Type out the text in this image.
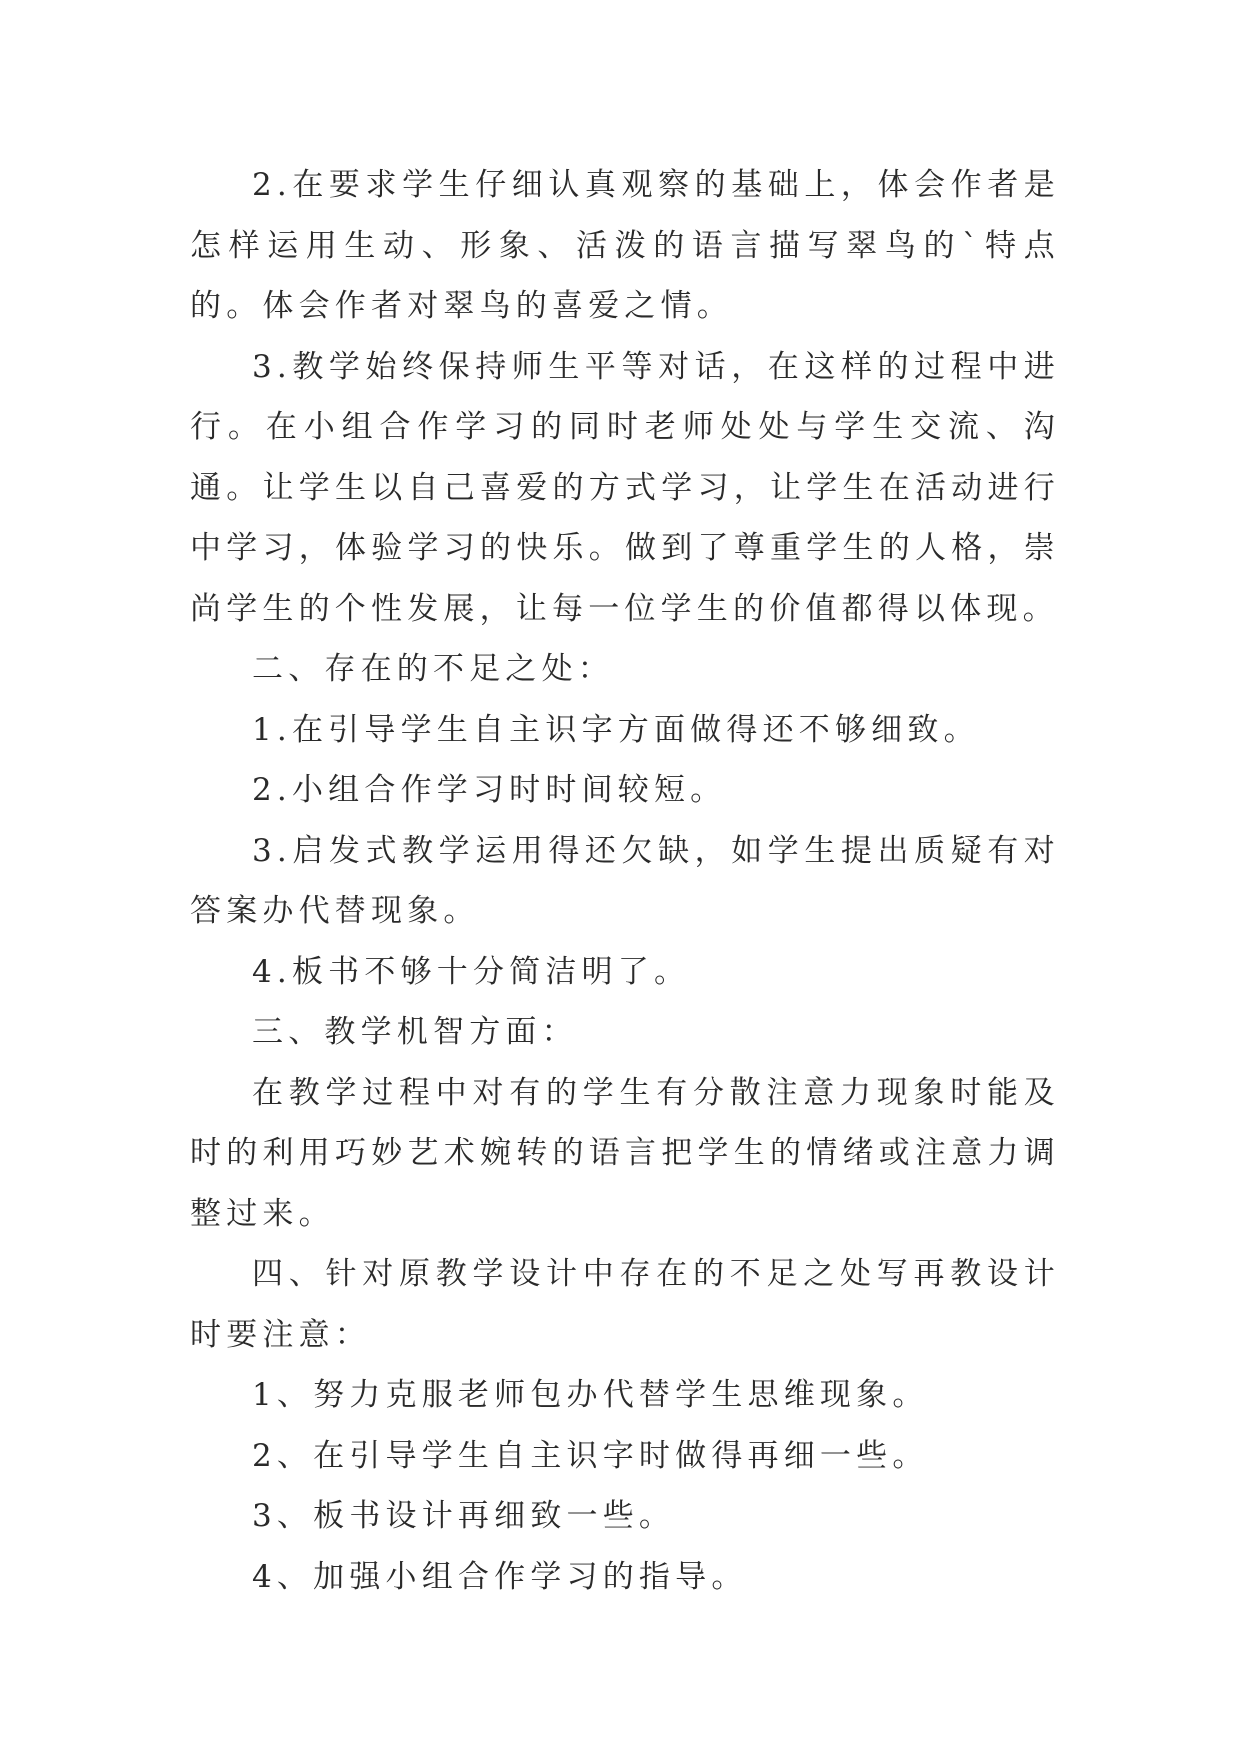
2.在要求学生仔细认真观察的基础上，体会作者是怎样运用生动、形象、活泼的语言描写翠鸟的`特点的。体会作者对翠鸟的喜爱之情。

3.教学始终保持师生平等对话，在这样的过程中进行。在小组合作学习的同时老师处处与学生交流、沟通。让学生以自己喜爱的方式学习，让学生在活动进行中学习，体验学习的快乐。做到了尊重学生的人格，崇尚学生的个性发展，让每一位学生的价值都得以体现。

二、存在的不足之处：

1.在引导学生自主识字方面做得还不够细致。

2.小组合作学习时时间较短。

3.启发式教学运用得还欠缺，如学生提出质疑有对答案办代替现象。

4.板书不够十分简洁明了。

三、教学机智方面：

在教学过程中对有的学生有分散注意力现象时能及时的利用巧妙艺术婉转的语言把学生的情绪或注意力调整过来。

四、针对原教学设计中存在的不足之处写再教设计时要注意：

1、努力克服老师包办代替学生思维现象。

2、在引导学生自主识字时做得再细一些。

3、板书设计再细致一些。

4、加强小组合作学习的指导。
